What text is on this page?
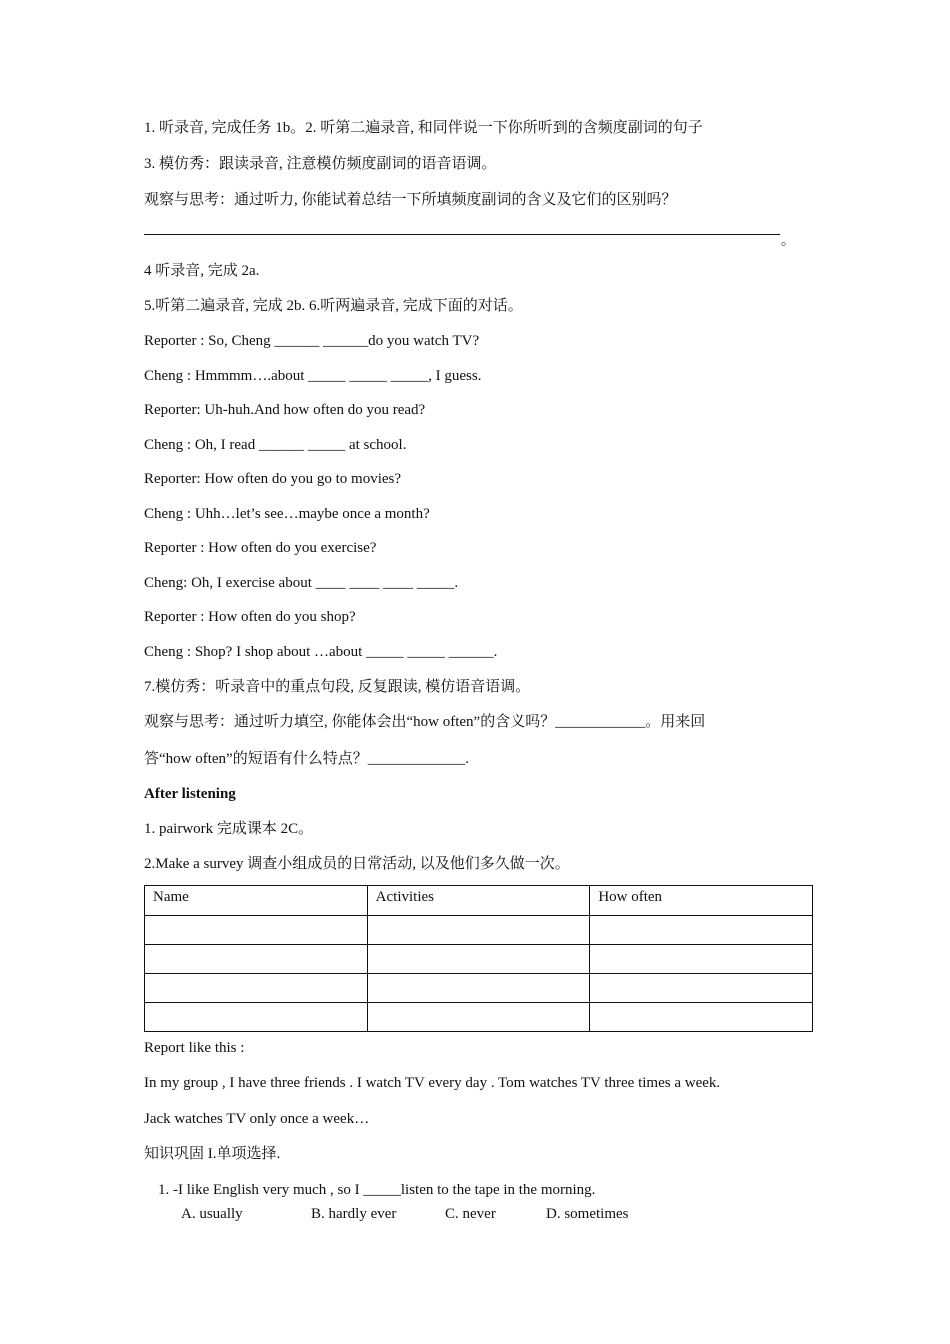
1. 听录音, 完成任务 1b。2. 听第二遍录音, 和同伴说一下你所听到的含频度副词的句子
3. 模仿秀：跟读录音, 注意模仿频度副词的语音语调。
观察与思考：通过听力, 你能试着总结一下所填频度副词的含义及它们的区别吗？
。
4 听录音, 完成 2a.
5.听第二遍录音, 完成 2b. 6.听两遍录音, 完成下面的对话。
Reporter : So, Cheng ______ ______do you watch TV?
Cheng : Hmmmm….about _____ _____ _____, I guess.
Reporter: Uh-huh.And how often do you read?
Cheng : Oh, I read ______ _____ at school.
Reporter: How often do you go to movies?
Cheng : Uhh…let’s see…maybe once a month?
Reporter : How often do you exercise?
Cheng: Oh, I exercise about ____ ____ ____ _____.
Reporter : How often do you shop?
Cheng : Shop? I shop about …about _____ _____ ______.
7.模仿秀：听录音中的重点句段, 反复跟读, 模仿语音语调。
观察与思考：通过听力填空, 你能体会出“how often”的含义吗？____________。用来回
答“how often”的短语有什么特点？_____________.
After listening
1. pairwork 完成课本 2C。
2.Make a survey 调查小组成员的日常活动, 以及他们多久做一次。
Name	Activities	How often

Report like this :
In my group , I have three friends . I watch TV every day . Tom watches TV three times a week.
Jack watches TV only once a week…
知识巩固 I.单项选择.
1. -I like English very much , so I _____listen to the tape in the morning.
A. usually	B. hardly ever	C. never	D. sometimes
